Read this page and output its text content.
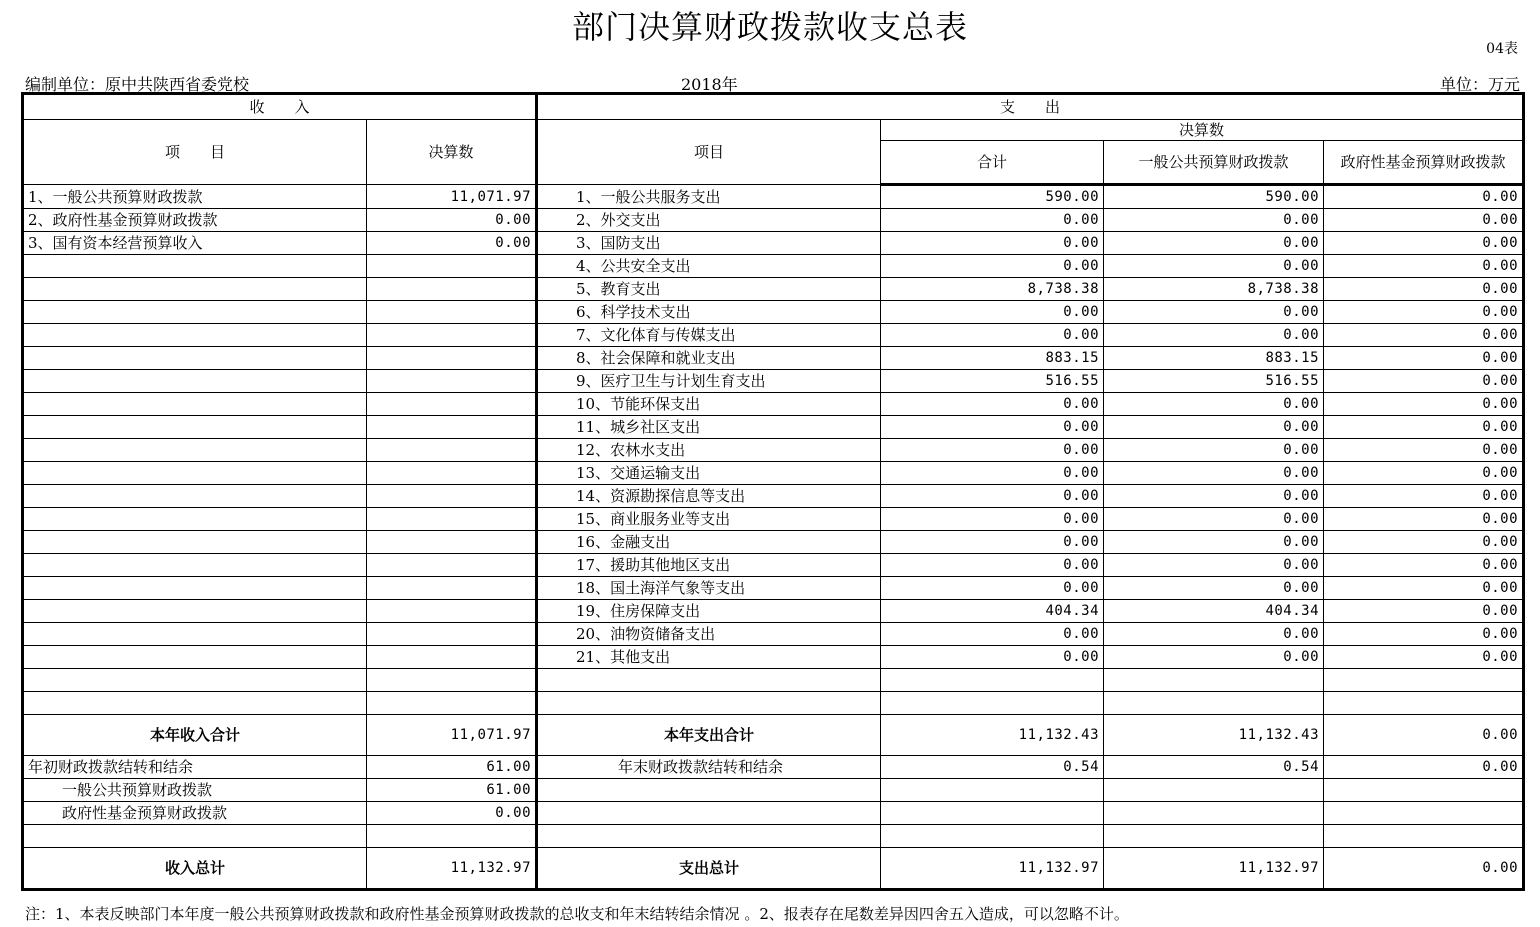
部门决算财政拨款收支总表
04表
编制单位：原中共陕西省委党校	2018年	单位：万元
收　　入		支　　出			
项　　目	决算数	项目	决算数		
			合计	一般公共预算财政拨款	政府性基金预算财政拨款
1、一般公共预算财政拨款	11,071.97	1、一般公共服务支出	590.00	590.00	0.00
2、政府性基金预算财政拨款	0.00	2、外交支出	0.00	0.00	0.00
3、国有资本经营预算收入	0.00	3、国防支出	0.00	0.00	0.00
		4、公共安全支出	0.00	0.00	0.00
		5、教育支出	8,738.38	8,738.38	0.00
		6、科学技术支出	0.00	0.00	0.00
		7、文化体育与传媒支出	0.00	0.00	0.00
		8、社会保障和就业支出	883.15	883.15	0.00
		9、医疗卫生与计划生育支出	516.55	516.55	0.00
		10、节能环保支出	0.00	0.00	0.00
		11、城乡社区支出	0.00	0.00	0.00
		12、农林水支出	0.00	0.00	0.00
		13、交通运输支出	0.00	0.00	0.00
		14、资源勘探信息等支出	0.00	0.00	0.00
		15、商业服务业等支出	0.00	0.00	0.00
		16、金融支出	0.00	0.00	0.00
		17、援助其他地区支出	0.00	0.00	0.00
		18、国土海洋气象等支出	0.00	0.00	0.00
		19、住房保障支出	404.34	404.34	0.00
		20、油物资储备支出	0.00	0.00	0.00
		21、其他支出	0.00	0.00	0.00

本年收入合计	11,071.97	本年支出合计	11,132.43	11,132.43	0.00
年初财政拨款结转和结余	61.00	年末财政拨款结转和结余	0.54	0.54	0.00
一般公共预算财政拨款	61.00				
政府性基金预算财政拨款	0.00				

收入总计	11,132.97	支出总计	11,132.97	11,132.97	0.00
注：1、本表反映部门本年度一般公共预算财政拨款和政府性基金预算财政拨款的总收支和年末结转结余情况 。2、报表存在尾数差异因四舍五入造成，可以忽略不计。
